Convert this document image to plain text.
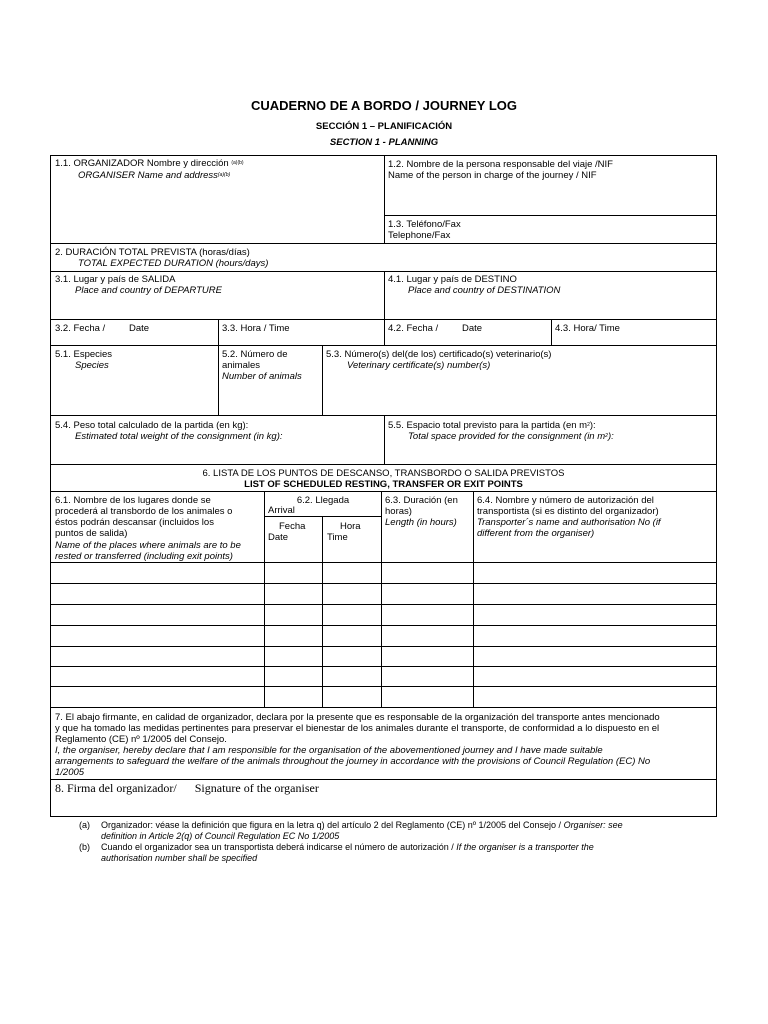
CUADERNO DE A BORDO / JOURNEY LOG
SECCIÓN 1 – PLANIFICACIÓN
SECTION 1 - PLANNING
1.1. ORGANIZADOR Nombre y dirección $^{(a)(b)}$
ORGANISER Name and address$^{(a)(b)}$
1.2. Nombre de la persona responsable del viaje /NIF
Name of the person in charge of the journey / NIF
1.3. Teléfono/Fax
Telephone/Fax
2. DURACIÓN TOTAL PREVISTA (horas/días)
TOTAL EXPECTED DURATION (hours/days)
3.1. Lugar y país de SALIDA
Place and country of DEPARTURE
4.1. Lugar y país de DESTINO
Place and country of DESTINATION
3.2. Fecha /	Date	3.3. Hora / Time	4.2. Fecha /	Date	4.3. Hora/ Time
5.1. Especies
Species
5.2. Número de
animales
Number of animals
5.3. Número(s) del(de los) certificado(s) veterinario(s)
Veterinary certificate(s) number(s)
5.4. Peso total calculado de la partida (en kg):
Estimated total weight of the consignment (in kg):
5.5. Espacio total previsto para la partida (en $m^2$):
Total space provided for the consignment (in $m^2$):
6. LISTA DE LOS PUNTOS DE DESCANSO, TRANSBORDO O SALIDA PREVISTOS
LIST OF SCHEDULED RESTING, TRANSFER OR EXIT POINTS
6.1. Nombre de los lugares donde se
procederá al transbordo de los animales o
éstos podrán descansar (incluidos los
puntos de salida)
Name of the places where animals are to be
rested or transferred (including exit points)
6.2. Llegada
Arrival
Fecha
Date
Hora
Time
6.3. Duración (en
horas)
Length (in hours)
6.4. Nombre y número de autorización del
transportista (si es distinto del organizador)
Transporter´s name and authorisation No (if
different from the organiser)
7. El abajo firmante, en calidad de organizador, declara por la presente que es responsable de la organización del transporte antes mencionado
y que ha tomado las medidas pertinentes para preservar el bienestar de los animales durante el transporte, de conformidad a lo dispuesto en el
Reglamento (CE) nº 1/2005 del Consejo.
I, the organiser, hereby declare that I am responsible for the organisation of the abovementioned journey and I have made suitable
arrangements to safeguard the welfare of the animals throughout the journey in accordance with the provisions of Council Regulation (EC) No
1/2005
8. Firma del organizador/      Signature of the organiser
(a) Organizador: véase la definición que figura en la letra q) del artículo 2 del Reglamento (CE) nº 1/2005 del Consejo / Organiser: see
definition in Article 2(q) of Council Regulation EC No 1/2005
(b) Cuando el organizador sea un transportista deberá indicarse el número de autorización / If the organiser is a transporter the
authorisation number shall be specified
